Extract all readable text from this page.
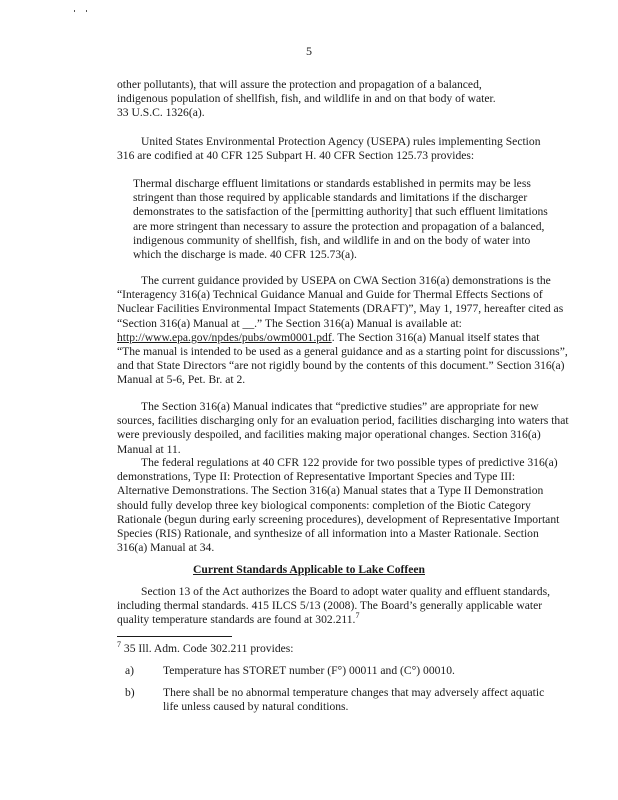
5
other pollutants), that will assure the protection and propagation of a balanced,
indigenous population of shellfish, fish, and wildlife in and on that body of water.
33 U.S.C. 1326(a).
United States Environmental Protection Agency (USEPA) rules implementing Section
316 are codified at 40 CFR 125 Subpart H. 40 CFR Section 125.73 provides:
Thermal discharge effluent limitations or standards established in permits may be less
stringent than those required by applicable standards and limitations if the discharger
demonstrates to the satisfaction of the [permitting authority] that such effluent limitations
are more stringent than necessary to assure the protection and propagation of a balanced,
indigenous community of shellfish, fish, and wildlife in and on the body of water into
which the discharge is made. 40 CFR 125.73(a).
The current guidance provided by USEPA on CWA Section 316(a) demonstrations is the
“Interagency 316(a) Technical Guidance Manual and Guide for Thermal Effects Sections of
Nuclear Facilities Environmental Impact Statements (DRAFT)”, May 1, 1977, hereafter cited as
“Section 316(a) Manual at __.” The Section 316(a) Manual is available at:
http://www.epa.gov/npdes/pubs/owm0001.pdf. The Section 316(a) Manual itself states that
“The manual is intended to be used as a general guidance and as a starting point for discussions”,
and that State Directors “are not rigidly bound by the contents of this document.” Section 316(a)
Manual at 5-6, Pet. Br. at 2.
The Section 316(a) Manual indicates that “predictive studies” are appropriate for new
sources, facilities discharging only for an evaluation period, facilities discharging into waters that
were previously despoiled, and facilities making major operational changes. Section 316(a)
Manual at 11.
The federal regulations at 40 CFR 122 provide for two possible types of predictive 316(a)
demonstrations, Type II: Protection of Representative Important Species and Type III:
Alternative Demonstrations. The Section 316(a) Manual states that a Type II Demonstration
should fully develop three key biological components: completion of the Biotic Category
Rationale (begun during early screening procedures), development of Representative Important
Species (RIS) Rationale, and synthesize of all information into a Master Rationale. Section
316(a) Manual at 34.
Current Standards Applicable to Lake Coffeen
Section 13 of the Act authorizes the Board to adopt water quality and effluent standards,
including thermal standards. 415 ILCS 5/13 (2008). The Board’s generally applicable water
quality temperature standards are found at 302.211.$^7$
$^7$ 35 Ill. Adm. Code 302.211 provides:
a) Temperature has STORET number (F°) 00011 and (C°) 00010.
b) There shall be no abnormal temperature changes that may adversely affect aquatic
life unless caused by natural conditions.
